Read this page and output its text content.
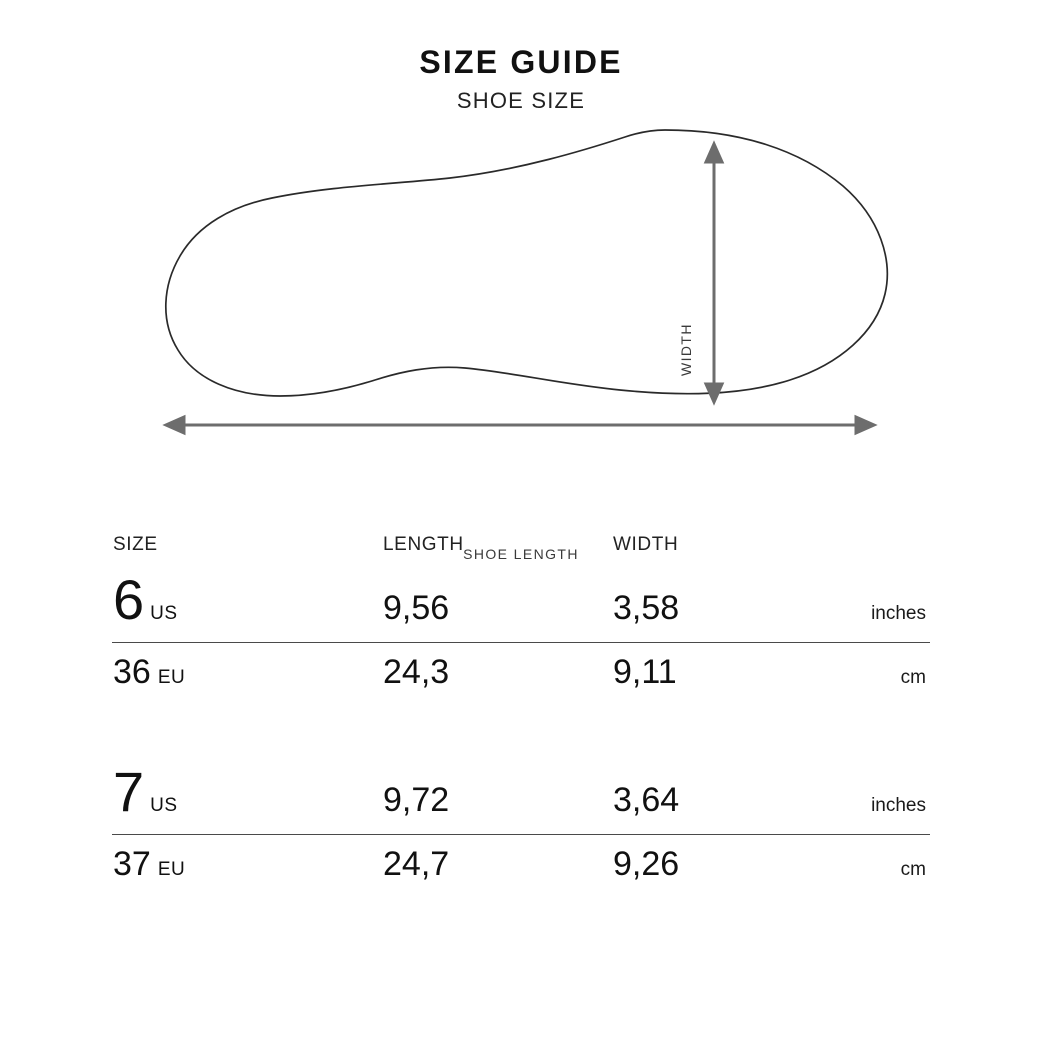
SIZE GUIDE
SHOE SIZE
WIDTH
SHOE LENGTH
SIZE	LENGTH	WIDTH	
6 US	9,56	3,58	inches

36 EU	24,3	9,11	cm

7 US	9,72	3,64	inches

37 EU	24,7	9,26	cm
